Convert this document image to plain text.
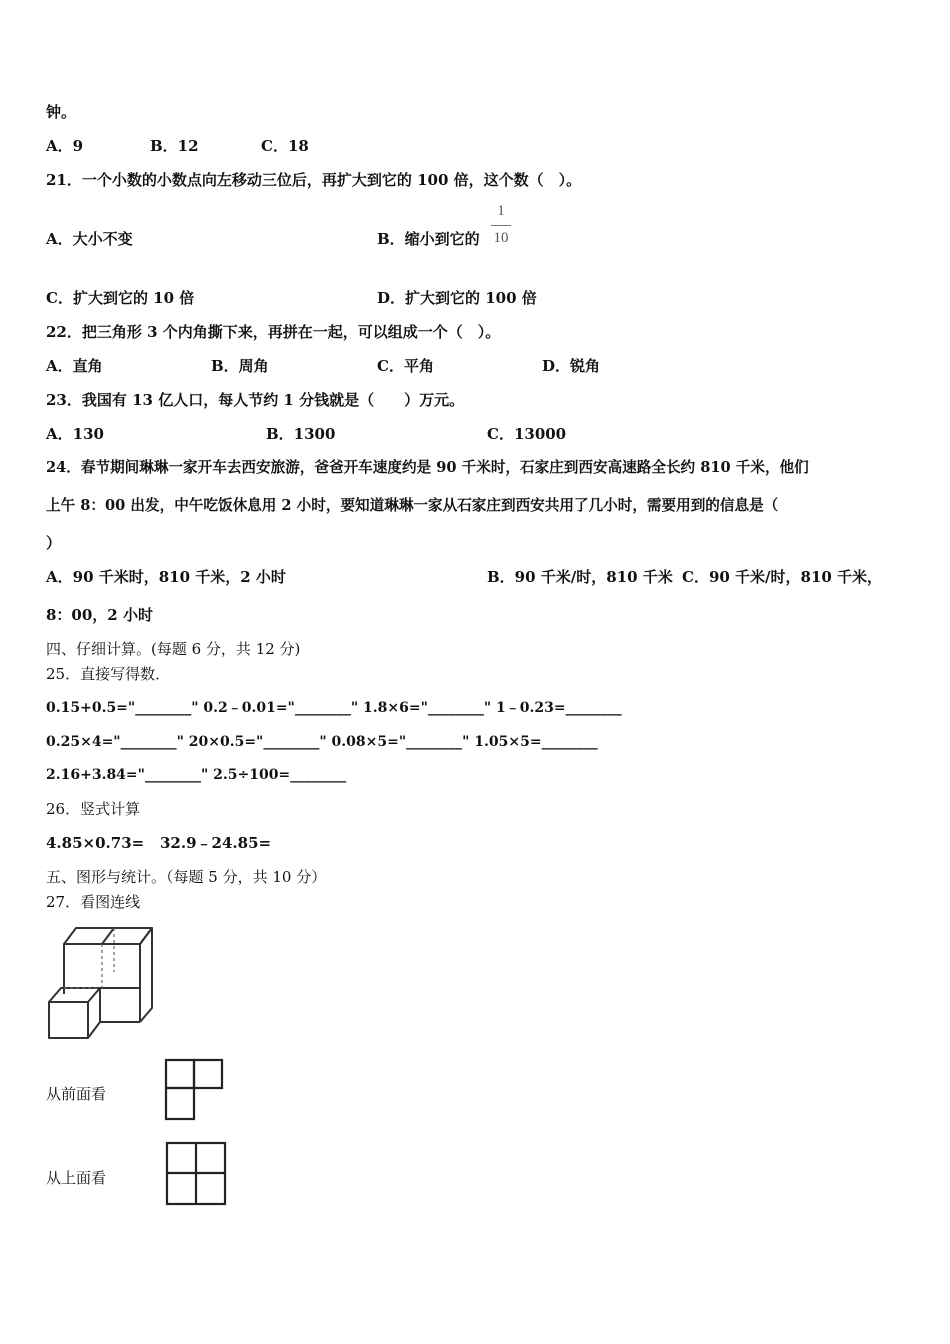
钟。
A．9	B．12	C．18
21．一个小数的小数点向左移动三位后，再扩大到它的 100 倍，这个数（　）。
A．大小不变	B．缩小到它的
1
10
C．扩大到它的 10 倍	D．扩大到它的 100 倍
22．把三角形 3 个内角撕下来，再拼在一起，可以组成一个（　）。
A．直角	B．周角	C．平角	D．锐角
23．我国有 13 亿人口，每人节约 1 分钱就是（　　）万元。
A．130	B．1300	C．13000
24．春节期间琳琳一家开车去西安旅游，爸爸开车速度约是 90 千米时，石家庄到西安高速路全长约 810 千米，他们
上午 8：00 出发，中午吃饭休息用 2 小时，要知道琳琳一家从石家庄到西安共用了几小时，需要用到的信息是（
）
A．90 千米时，810 千米，2 小时	B．90 千米/时，810 千米 C．90 千米/时，810 千米，
8：00，2 小时
四、仔细计算。(每题 6 分，共 12 分)
25．直接写得数．
0.15+0.5="________" 0.2﹣0.01="________" 1.8×6="________" 1﹣0.23=________
0.25×4="________" 20×0.5="________" 0.08×5="________" 1.05×5=________
2.16+3.84="________" 2.5÷100=________
26．竖式计算
4.85×0.73= 32.9﹣24.85=
五、图形与统计。（每题 5 分，共 10 分）
27．看图连线
从前面看
从上面看
